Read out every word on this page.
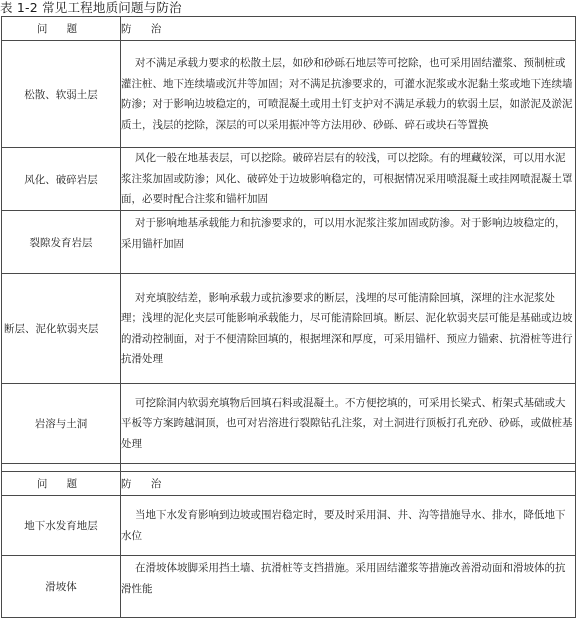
表 1-2 常见工程地质问题与防治
问 题	防 治
松散、软弱土层	对不满足承载力要求的松散土层，如砂和砂砾石地层等可挖除，也可采用固结灌浆、预制桩或灌注桩、地下连续墙或沉井等加固；对不满足抗渗要求的，可灌水泥浆或水泥黏土浆或地下连续墙防渗；对于影响边坡稳定的，可喷混凝土或用土钉支护对不满足承载力的软弱土层，如淤泥及淤泥质土，浅层的挖除，深层的可以采用振冲等方法用砂、砂砾、碎石或块石等置换
风化、破碎岩层	风化一般在地基表层，可以挖除。破碎岩层有的较浅，可以挖除。有的埋藏较深，可以用水泥浆注浆加固或防渗；风化、破碎处于边坡影响稳定的，可根据情况采用喷混凝土或挂网喷混凝土罩面，必要时配合注浆和锚杆加固
裂隙发育岩层	对于影响地基承载能力和抗渗要求的，可以用水泥浆注浆加固或防渗。对于影响边坡稳定的，采用锚杆加固
断层、泥化软弱夹层	对充填胶结差，影响承载力或抗渗要求的断层，浅埋的尽可能清除回填，深埋的注水泥浆处理；浅埋的泥化夹层可能影响承载能力，尽可能清除回填。断层、泥化软弱夹层可能是基础或边坡的滑动控制面，对于不便清除回填的，根据埋深和厚度，可采用锚杆、预应力锚索、抗滑桩等进行抗滑处理
岩溶与土洞	可挖除洞内软弱充填物后回填石料或混凝土。不方便挖填的，可采用长梁式、桁架式基础或大平板等方案跨越洞顶，也可对岩溶进行裂隙钻孔注浆，对土洞进行顶板打孔充砂、砂砾，或做桩基处理

问 题	防 治
地下水发育地层	当地下水发育影响到边坡或围岩稳定时，要及时采用洞、井、沟等措施导水、排水，降低地下水位
滑坡体	在滑坡体坡脚采用挡土墙、抗滑桩等支挡措施。采用固结灌浆等措施改善滑动面和滑坡体的抗滑性能
